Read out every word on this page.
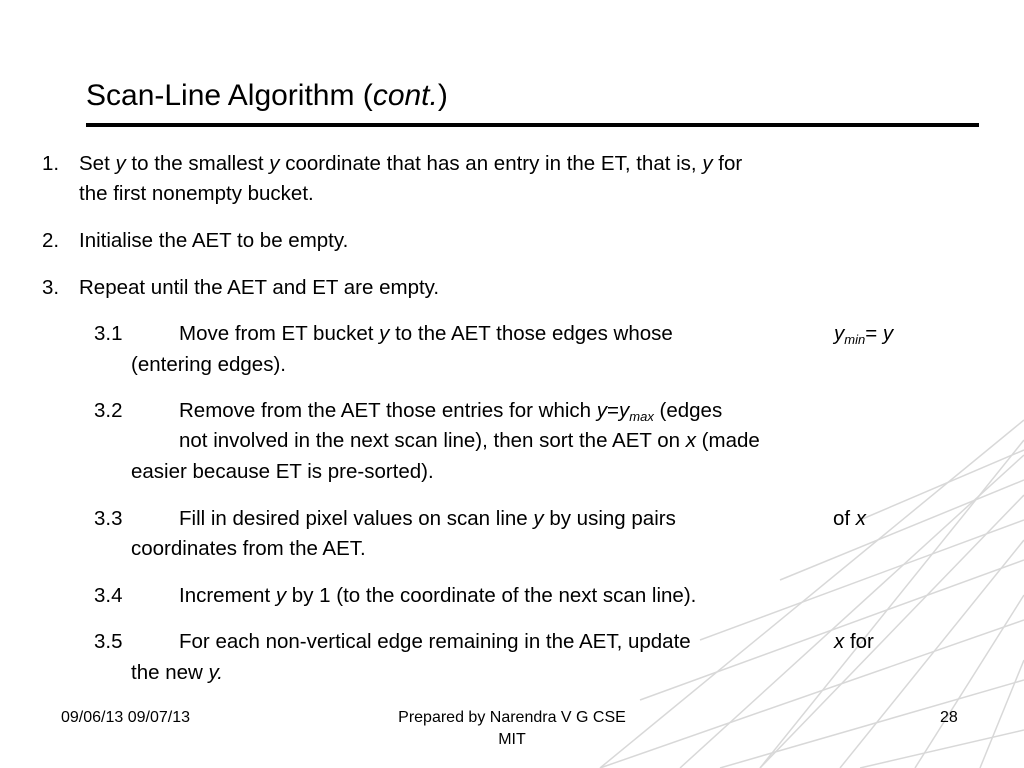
Scan-Line Algorithm (cont.)
1. Set y to the smallest y coordinate that has an entry in the ET, that is, y for
the first nonempty bucket.
2. Initialise the AET to be empty.
3. Repeat until the AET and ET are empty.
3.1	Move from ET bucket y to the AET those edges whose	$y_{min}= y$
(entering edges).
3.2	Remove from the AET those entries for which $y=y_{max}$ (edges
not involved in the next scan line), then sort the AET on x (made
easier because ET is pre-sorted).
3.3	Fill in desired pixel values on scan line y by using pairs	of x
coordinates from the AET.
3.4	Increment y by 1 (to the coordinate of the next scan line).
3.5	For each non-vertical edge remaining in the AET, update	x for
the new y.
09/06/13 09/07/13	Prepared by Narendra V G CSE
MIT
28
